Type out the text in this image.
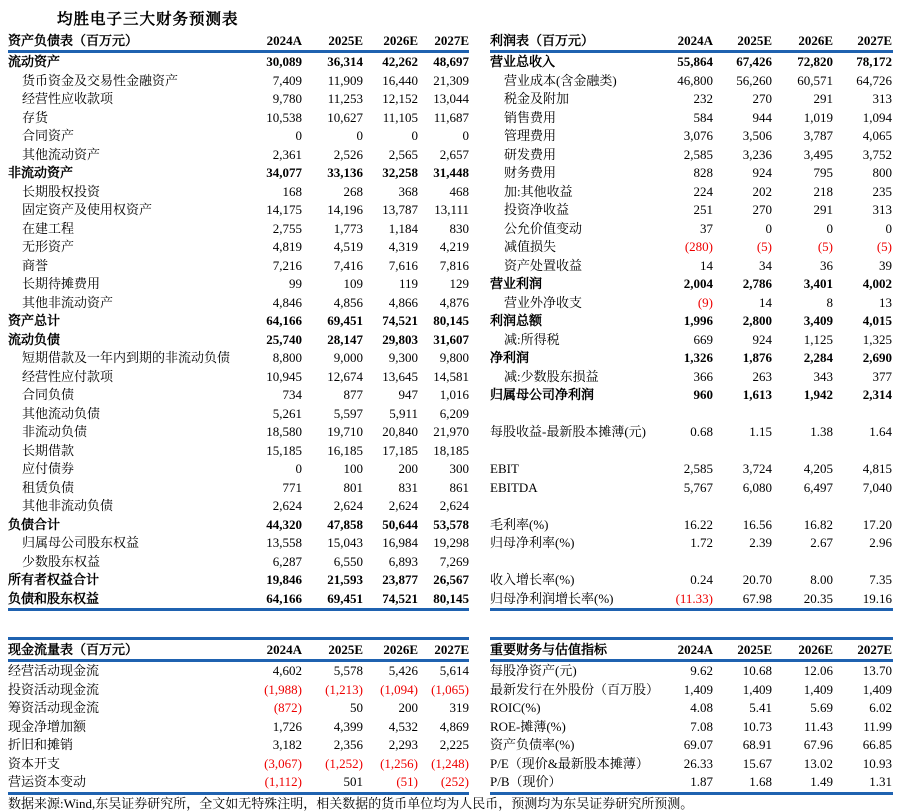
均胜电子三大财务预测表
资产负债表（百万元）	2024A	2025E	2026E	2027E
流动资产	30,089	36,314	42,262	48,697
货币资金及交易性金融资产	7,409	11,909	16,440	21,309
经营性应收款项	9,780	11,253	12,152	13,044
存货	10,538	10,627	11,105	11,687
合同资产	0	0	0	0
其他流动资产	2,361	2,526	2,565	2,657
非流动资产	34,077	33,136	32,258	31,448
长期股权投资	168	268	368	468
固定资产及使用权资产	14,175	14,196	13,787	13,111
在建工程	2,755	1,773	1,184	830
无形资产	4,819	4,519	4,319	4,219
商誉	7,216	7,416	7,616	7,816
长期待摊费用	99	109	119	129
其他非流动资产	4,846	4,856	4,866	4,876
资产总计	64,166	69,451	74,521	80,145
流动负债	25,740	28,147	29,803	31,607
短期借款及一年内到期的非流动负债	8,800	9,000	9,300	9,800
经营性应付款项	10,945	12,674	13,645	14,581
合同负债	734	877	947	1,016
其他流动负债	5,261	5,597	5,911	6,209
非流动负债	18,580	19,710	20,840	21,970
长期借款	15,185	16,185	17,185	18,185
应付债券	0	100	200	300
租赁负债	771	801	831	861
其他非流动负债	2,624	2,624	2,624	2,624
负债合计	44,320	47,858	50,644	53,578
归属母公司股东权益	13,558	15,043	16,984	19,298
少数股东权益	6,287	6,550	6,893	7,269
所有者权益合计	19,846	21,593	23,877	26,567
负债和股东权益	64,166	69,451	74,521	80,145
利润表（百万元）	2024A	2025E	2026E	2027E
营业总收入	55,864	67,426	72,820	78,172
营业成本(含金融类)	46,800	56,260	60,571	64,726
税金及附加	232	270	291	313
销售费用	584	944	1,019	1,094
管理费用	3,076	3,506	3,787	4,065
研发费用	2,585	3,236	3,495	3,752
财务费用	828	924	795	800
加:其他收益	224	202	218	235
投资净收益	251	270	291	313
公允价值变动	37	0	0	0
减值损失	(280)	(5)	(5)	(5)
资产处置收益	14	34	36	39
营业利润	2,004	2,786	3,401	4,002
营业外净收支	(9)	14	8	13
利润总额	1,996	2,800	3,409	4,015
减:所得税	669	924	1,125	1,325
净利润	1,326	1,876	2,284	2,690
减:少数股东损益	366	263	343	377
归属母公司净利润	960	1,613	1,942	2,314
每股收益-最新股本摊薄(元)	0.68	1.15	1.38	1.64
EBIT	2,585	3,724	4,205	4,815
EBITDA	5,767	6,080	6,497	7,040
毛利率(%)	16.22	16.56	16.82	17.20
归母净利率(%)	1.72	2.39	2.67	2.96
收入增长率(%)	0.24	20.70	8.00	7.35
归母净利润增长率(%)	(11.33)	67.98	20.35	19.16
现金流量表（百万元）	2024A	2025E	2026E	2027E
经营活动现金流	4,602	5,578	5,426	5,614
投资活动现金流	(1,988)	(1,213)	(1,094)	(1,065)
筹资活动现金流	(872)	50	200	319
现金净增加额	1,726	4,399	4,532	4,869
折旧和摊销	3,182	2,356	2,293	2,225
资本开支	(3,067)	(1,252)	(1,256)	(1,248)
营运资本变动	(1,112)	501	(51)	(252)
重要财务与估值指标	2024A	2025E	2026E	2027E
每股净资产(元)	9.62	10.68	12.06	13.70
最新发行在外股份（百万股）	1,409	1,409	1,409	1,409
ROIC(%)	4.08	5.41	5.69	6.02
ROE-摊薄(%)	7.08	10.73	11.43	11.99
资产负债率(%)	69.07	68.91	67.96	66.85
P/E（现价&最新股本摊薄）	26.33	15.67	13.02	10.93
P/B（现价）	1.87	1.68	1.49	1.31
数据来源:Wind,东吴证券研究所，全文如无特殊注明，相关数据的货币单位均为人民币，预测均为东吴证券研究所预测。
